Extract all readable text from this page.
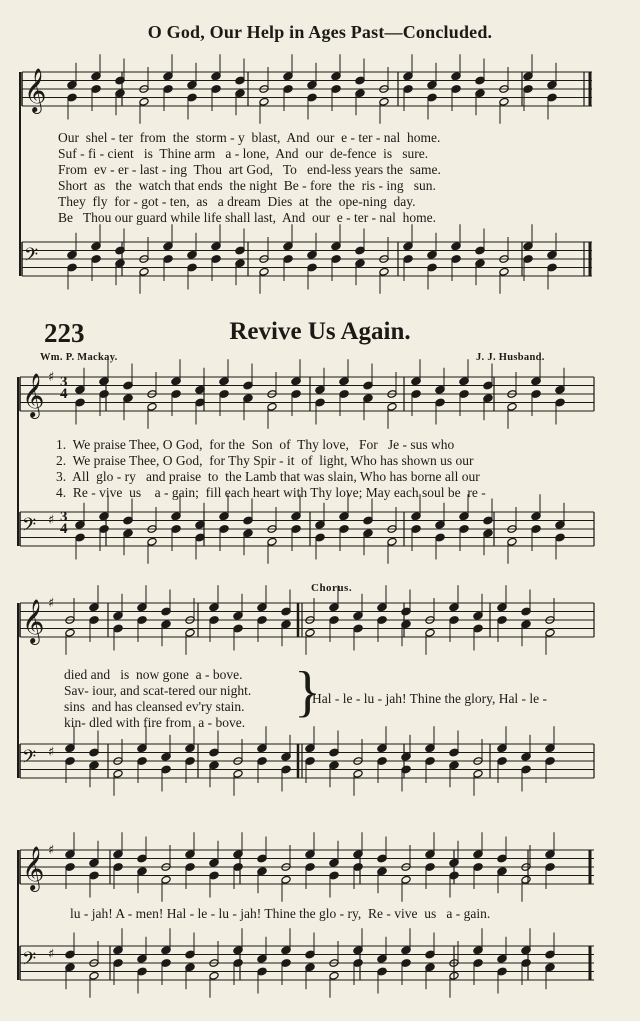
𝄞
𝄢
𝄞 ♯ 3
4
𝄢 ♯ 3
4
𝄞 ♯
𝄢 ♯
𝄞 ♯
𝄢 ♯
O God, Our Help in Ages Past—Concluded.
Our  shel - ter  from  the  storm - y  blast,  And  our  e - ter - nal  home.
Suf - fi - cient   is  Thine arm   a - lone,  And  our  de-fence  is   sure.
From  ev - er - last - ing  Thou  art God,   To   end-less years the  same.
Short  as   the  watch that ends  the night  Be - fore  the  ris - ing   sun.
They  fly  for - got - ten,  as   a dream  Dies  at  the  ope-ning  day.
Be   Thou our guard while life shall last,  And  our  e - ter - nal  home.
223	Revive Us Again.
Wm. P. Mackay.	J. J. Husband.
1.  We praise Thee, O God,  for the  Son  of  Thy love,   For   Je - sus who
2.  We praise Thee, O God,  for Thy Spir - it  of  light, Who has shown us our
3.  All  glo - ry   and praise  to  the Lamb that was slain, Who has borne all our
4.  Re - vive  us    a - gain;  fill each heart with Thy love; May each soul be  re -
Chorus.
died and   is  now gone  a - bove.
Sav- iour, and scat-tered our night.
sins  and has cleansed ev'ry stain.
kin- dled with fire from  a - bove. }
Hal - le - lu - jah! Thine the glory, Hal - le -
lu - jah! A - men! Hal - le - lu - jah! Thine the glo - ry,  Re - vive  us   a - gain.
